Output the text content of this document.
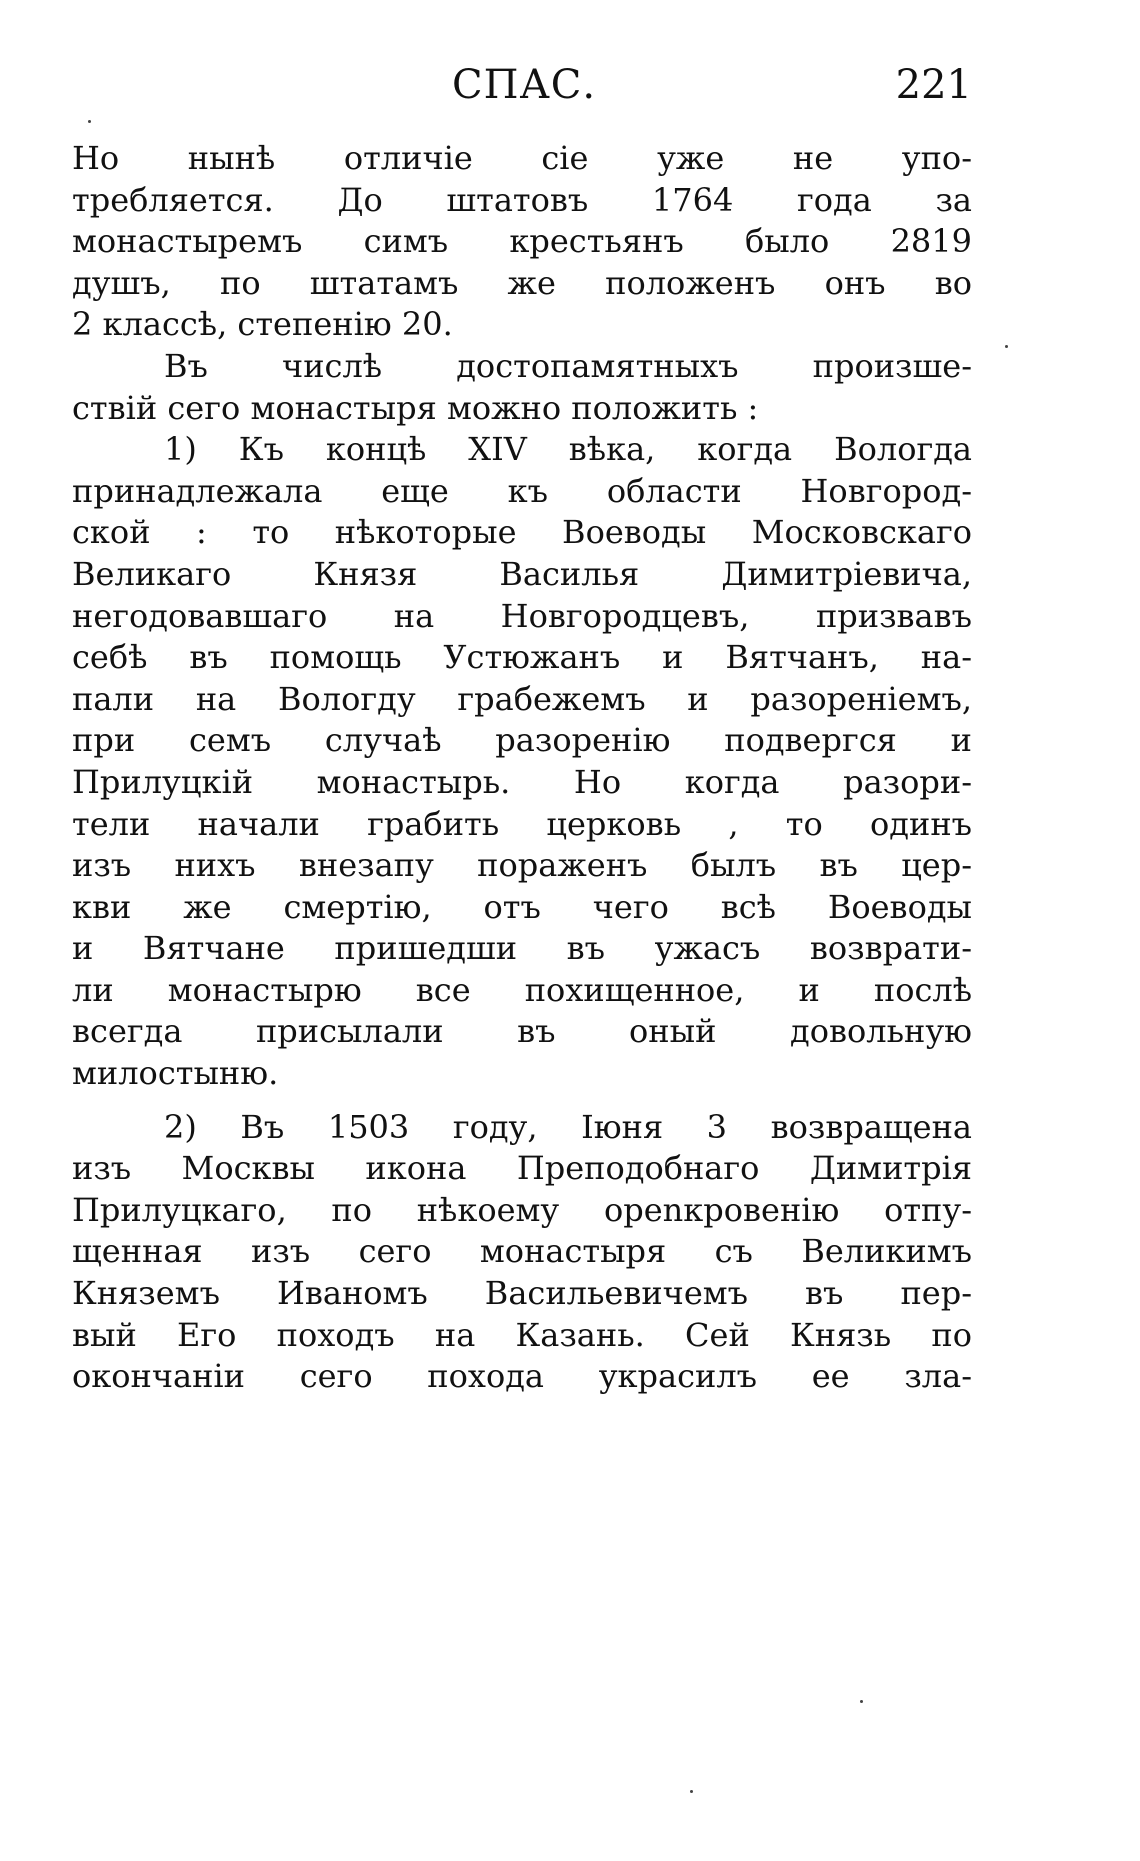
СПАС.	221
Но нынѣ отличіе сіе уже не упо-
требляется. До штатовъ 1764 года за
монастыремъ симъ крестьянъ было 2819
душъ, по штатамъ же положенъ онъ во
2 классѣ, степенію 20.
Въ числѣ достопамятныхъ произше-
ствій сего монастыря можно положить :
1) Къ концѣ XIV вѣка, когда Вологда
принадлежала еще къ области Новгород-
ской : то нѣкоторые Воеводы Московскаго
Великаго Князя Василья Димитріевича,
негодовавшаго на Новгородцевъ, призвавъ
себѣ въ помощь Устюжанъ и Вятчанъ, на-
пали на Вологду грабежемъ и разореніемъ,
при семъ случаѣ разоренію подвергся и
Прилуцкій монастырь. Но когда разори-
тели начали грабить церковь , то одинъ
изъ нихъ внезапу пораженъ былъ въ цер-
кви же смертію, отъ чего всѣ Воеводы
и Вятчане пришедши въ ужасъ возврати-
ли монастырю все похищенное, и послѣ
всегда присылали въ оный довольную
милостыню.
2) Въ 1503 году, Іюня 3 возвращена
изъ Москвы икона Преподобнаго Димитрія
Прилуцкаго, по нѣкоему openкровенію отпу-
щенная изъ сего монастыря съ Великимъ
Княземъ Иваномъ Васильевичемъ въ пер-
вый Его походъ на Казань. Сей Князь по
окончаніи сего похода украсилъ ее зла-
